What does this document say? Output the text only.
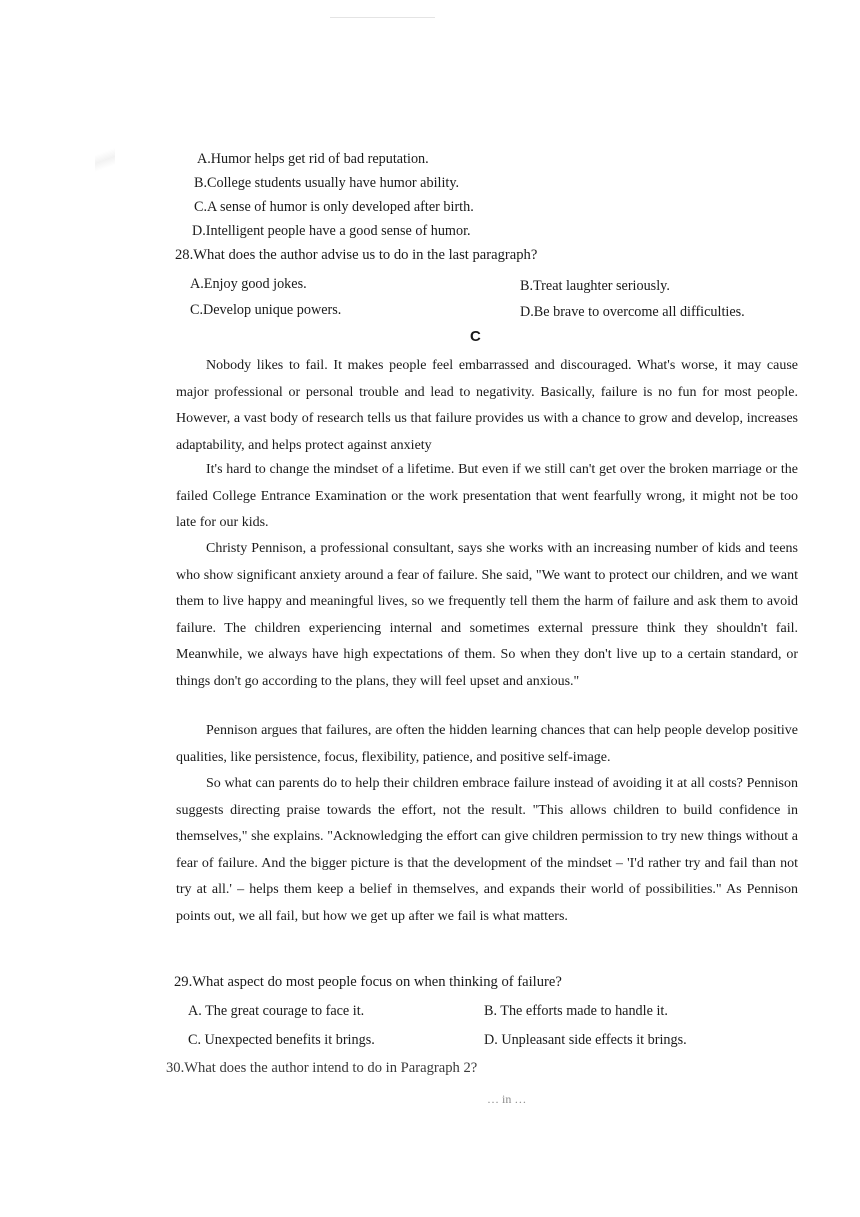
A.Humor helps get rid of bad reputation.
B.College students usually have humor ability.
C.A sense of humor is only developed after birth.
D.Intelligent people have a good sense of humor.
28.What does the author advise us to do in the last paragraph?
A.Enjoy good jokes.	B.Treat laughter seriously.
C.Develop unique powers.	D.Be brave to overcome all difficulties.
C
Nobody likes to fail. It makes people feel embarrassed and discouraged. What's worse, it may cause major professional or personal trouble and lead to negativity. Basically, failure is no fun for most people. However, a vast body of research tells us that failure provides us with a chance to grow and develop, increases adaptability, and helps protect against anxiety
It's hard to change the mindset of a lifetime. But even if we still can't get over the broken marriage or the failed College Entrance Examination or the work presentation that went fearfully wrong, it might not be too late for our kids.
Christy Pennison, a professional consultant, says she works with an increasing number of kids and teens who show significant anxiety around a fear of failure. She said, "We want to protect our children, and we want them to live happy and meaningful lives, so we frequently tell them the harm of failure and ask them to avoid failure. The children experiencing internal and sometimes external pressure think they shouldn't fail. Meanwhile, we always have high expectations of them. So when they don't live up to a certain standard, or things don't go according to the plans, they will feel upset and anxious."
Pennison argues that failures, are often the hidden learning chances that can help people develop positive qualities, like persistence, focus, flexibility, patience, and positive self-image.
So what can parents do to help their children embrace failure instead of avoiding it at all costs? Pennison suggests directing praise towards the effort, not the result. "This allows children to build confidence in themselves," she explains. "Acknowledging the effort can give children permission to try new things without a fear of failure. And the bigger picture is that the development of the mindset – 'I'd rather try and fail than not try at all.' – helps them keep a belief in themselves, and expands their world of possibilities." As Pennison points out, we all fail, but how we get up after we fail is what matters.
29.What aspect do most people focus on when thinking of failure?
A. The great courage to face it.	B. The efforts made to handle it.
C. Unexpected benefits it brings.	D. Unpleasant side effects it brings.
30.What does the author intend to do in Paragraph 2?
… in …
